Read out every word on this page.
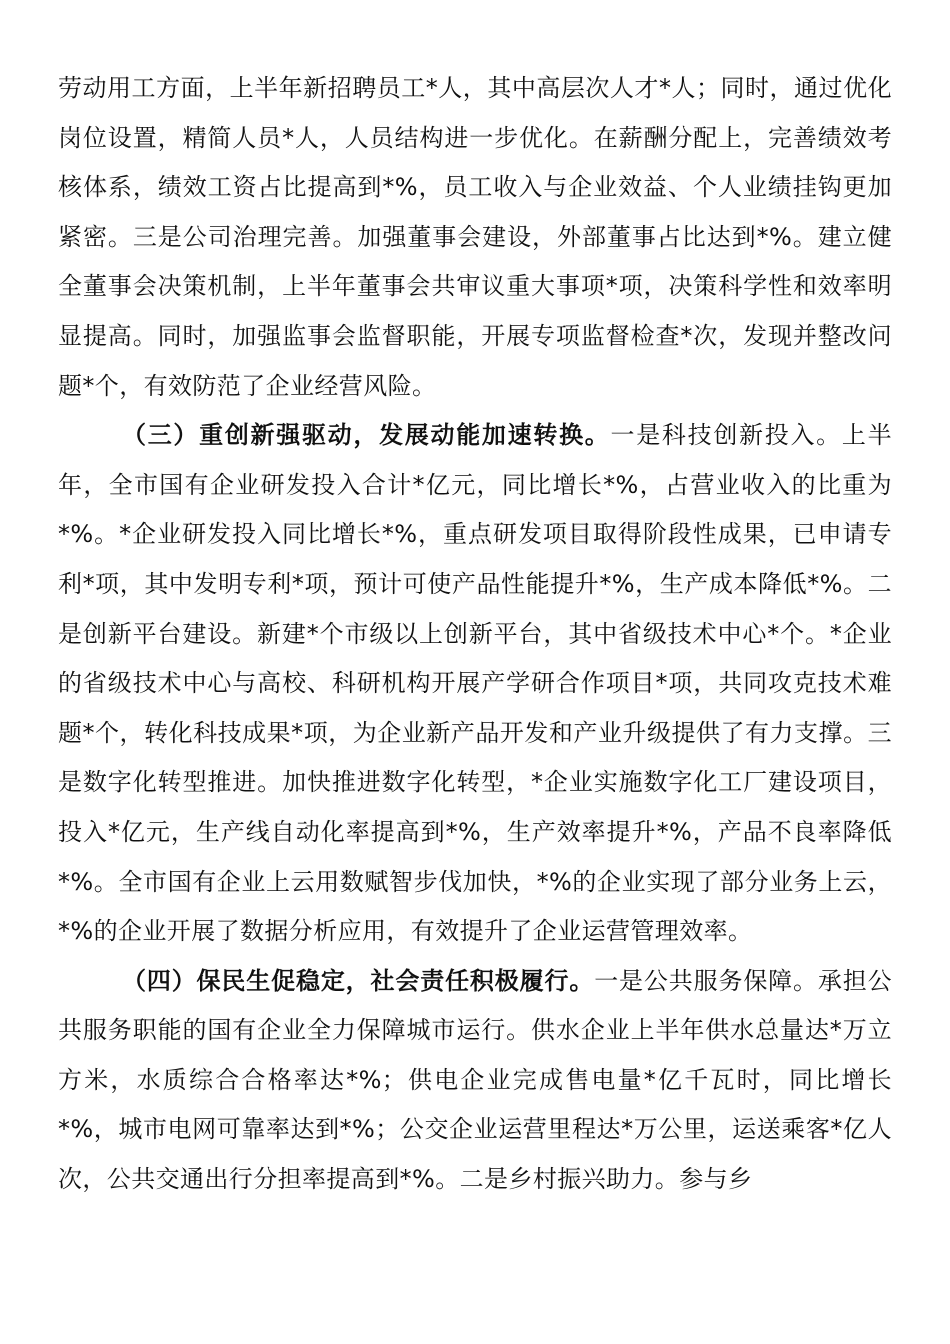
劳动用工方面，上半年新招聘员工*人，其中高层次人才*人；同时，通过优化岗位设置，精简人员*人，人员结构进一步优化。在薪酬分配上，完善绩效考核体系，绩效工资占比提高到*%，员工收入与企业效益、个人业绩挂钩更加紧密。三是公司治理完善。加强董事会建设，外部董事占比达到*%。建立健全董事会决策机制，上半年董事会共审议重大事项*项，决策科学性和效率明显提高。同时，加强监事会监督职能，开展专项监督检查*次，发现并整改问题*个，有效防范了企业经营风险。

（三）重创新强驱动，发展动能加速转换。一是科技创新投入。上半年，全市国有企业研发投入合计*亿元，同比增长*%，占营业收入的比重为*%。*企业研发投入同比增长*%，重点研发项目取得阶段性成果，已申请专利*项，其中发明专利*项，预计可使产品性能提升*%，生产成本降低*%。二是创新平台建设。新建*个市级以上创新平台，其中省级技术中心*个。*企业的省级技术中心与高校、科研机构开展产学研合作项目*项，共同攻克技术难题*个，转化科技成果*项，为企业新产品开发和产业升级提供了有力支撑。三是数字化转型推进。加快推进数字化转型，*企业实施数字化工厂建设项目，投入*亿元，生产线自动化率提高到*%，生产效率提升*%，产品不良率降低*%。全市国有企业上云用数赋智步伐加快，*%的企业实现了部分业务上云，*%的企业开展了数据分析应用，有效提升了企业运营管理效率。

（四）保民生促稳定，社会责任积极履行。一是公共服务保障。承担公共服务职能的国有企业全力保障城市运行。供水企业上半年供水总量达*万立方米，水质综合合格率达*%；供电企业完成售电量*亿千瓦时，同比增长*%，城市电网可靠率达到*%；公交企业运营里程达*万公里，运送乘客*亿人次，公共交通出行分担率提高到*%。二是乡村振兴助力。参与乡
